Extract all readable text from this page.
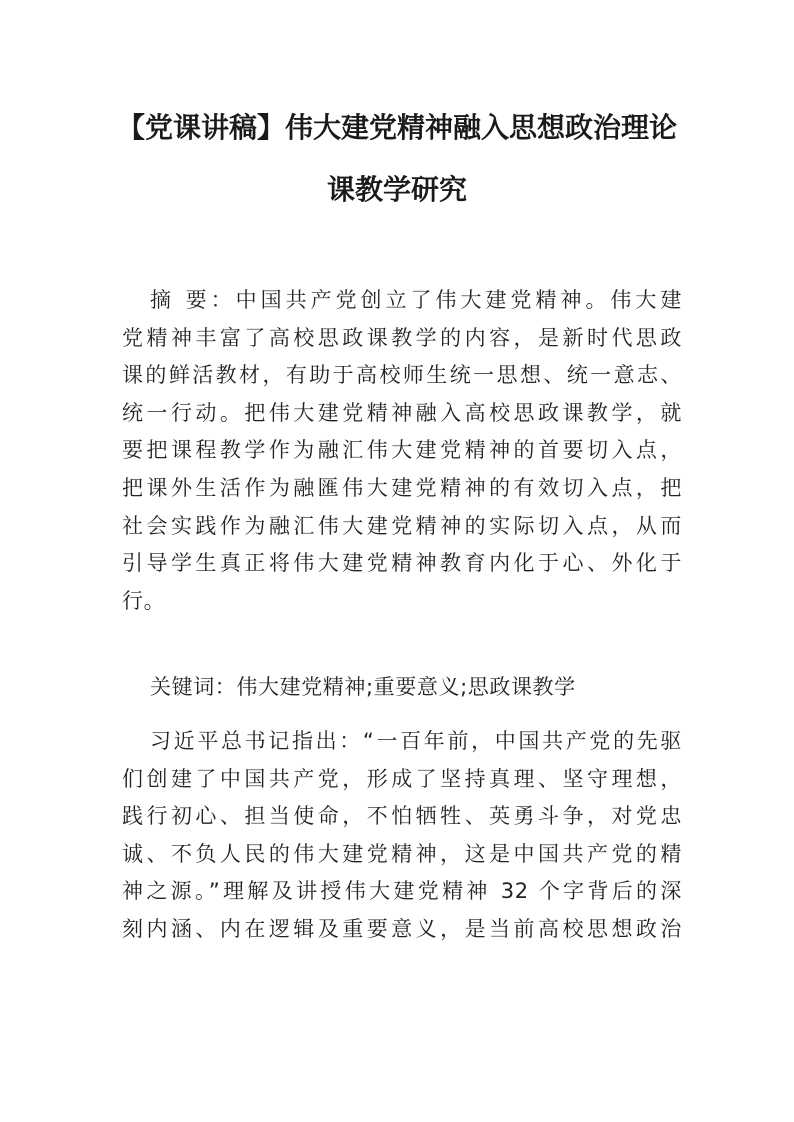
【党课讲稿】伟大建党精神融入思想政治理论
课教学研究
摘 要：中国共产党创立了伟大建党精神。伟大建
党精神丰富了高校思政课教学的内容，是新时代思政
课的鲜活教材，有助于高校师生统一思想、统一意志、
统一行动。把伟大建党精神融入高校思政课教学，就
要把课程教学作为融汇伟大建党精神的首要切入点，
把课外生活作为融匯伟大建党精神的有效切入点，把
社会实践作为融汇伟大建党精神的实际切入点，从而
引导学生真正将伟大建党精神教育内化于心、外化于
行。
关键词：伟大建党精神;重要意义;思政课教学
习近平总书记指出：“一百年前，中国共产党的先驱
们创建了中国共产党，形成了坚持真理、坚守理想，
践行初心、担当使命，不怕牺牲、英勇斗争，对党忠
诚、不负人民的伟大建党精神，这是中国共产党的精
神之源。”理解及讲授伟大建党精神 32 个字背后的深
刻内涵、内在逻辑及重要意义，是当前高校思想政治
